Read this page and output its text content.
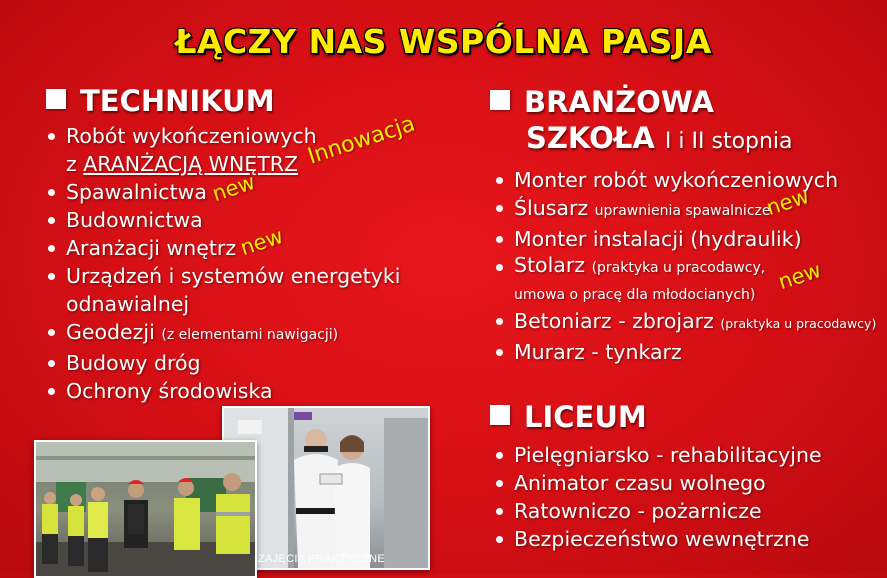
ŁĄCZY NAS WSPÓLNA PASJA
TECHNIKUM
Robót wykończeniowych
z ARANŻACJĄ WNĘTRZ
Spawalnictwa
Budownictwa
Aranżacji wnętrz
Urządzeń i systemów energetyki
odnawialnej
Geodezji (z elementami nawigacji)
Budowy dróg
Ochrony środowiska
Innowacja
new
new
BRANŻOWA
SZKOŁA I i II stopnia
Monter robót wykończeniowych
Ślusarz uprawnienia spawalnicze
Monter instalacji (hydraulik)
Stolarz (praktyka u pracodawcy,
umowa o pracę dla młodocianych)
Betoniarz - zbrojarz (praktyka u pracodawcy)
Murarz - tynkarz
new
new
LICEUM
Pielęgniarsko - rehabilitacyjne
Animator czasu wolnego
Ratowniczo - pożarnicze
Bezpieczeństwo wewnętrzne
ZAJĘCIA PRAKTYCZNE
